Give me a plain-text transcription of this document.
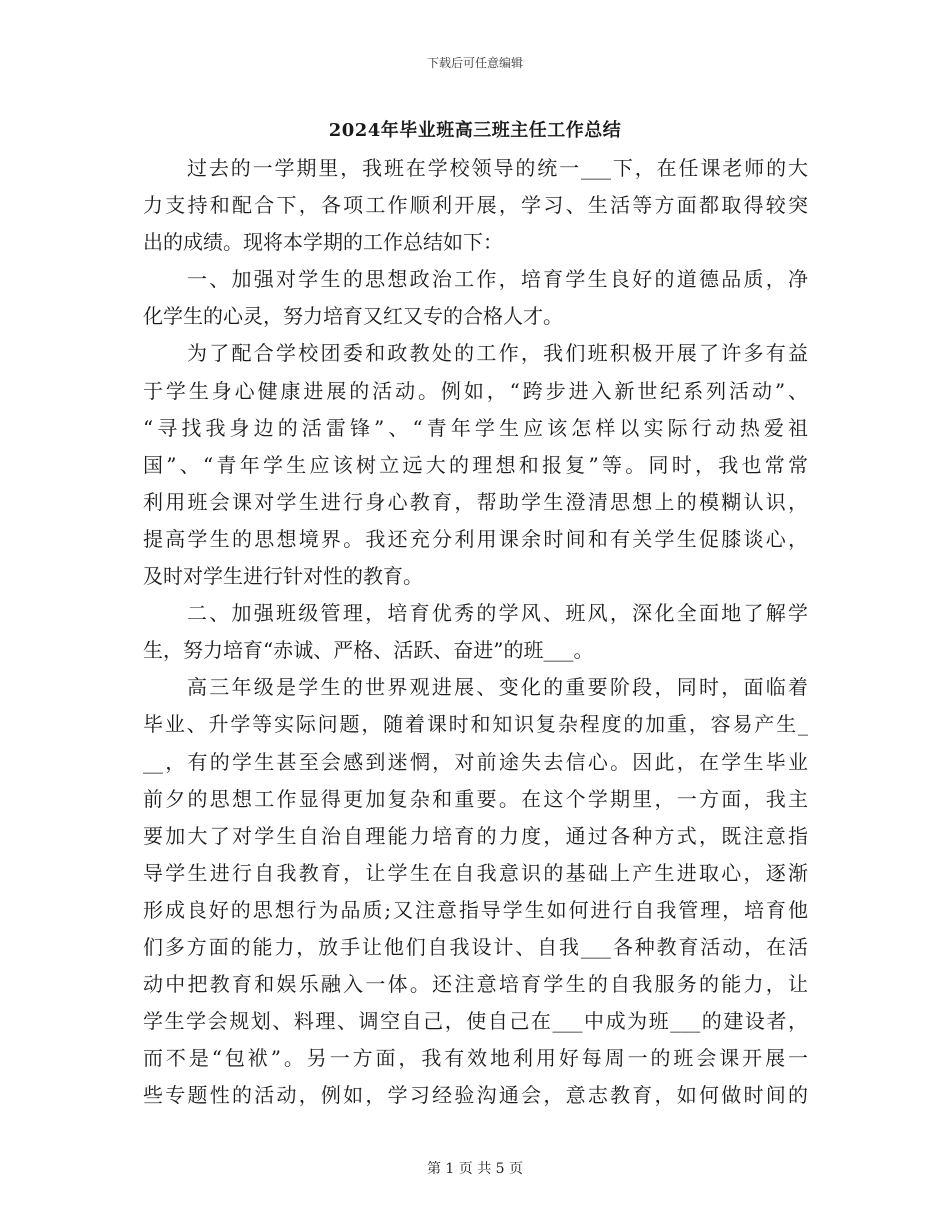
下载后可任意编辑
2024年毕业班高三班主任工作总结
过去的一学期里，我班在学校领导的统一___下，在任课老师的大
力支持和配合下，各项工作顺利开展，学习、生活等方面都取得较突
出的成绩。现将本学期的工作总结如下：
一、加强对学生的思想政治工作，培育学生良好的道德品质，净
化学生的心灵，努力培育又红又专的合格人才。
为了配合学校团委和政教处的工作，我们班积极开展了许多有益
于学生身心健康进展的活动。例如，“跨步进入新世纪系列活动”、
“寻找我身边的活雷锋”、“青年学生应该怎样以实际行动热爱祖
国”、“青年学生应该树立远大的理想和报复”等。同时，我也常常
利用班会课对学生进行身心教育，帮助学生澄清思想上的模糊认识，
提高学生的思想境界。我还充分利用课余时间和有关学生促膝谈心，
及时对学生进行针对性的教育。
二、加强班级管理，培育优秀的学风、班风，深化全面地了解学
生，努力培育“赤诚、严格、活跃、奋进”的班___。
高三年级是学生的世界观进展、变化的重要阶段，同时，面临着
毕业、升学等实际问题，随着课时和知识复杂程度的加重，容易产生_
__，有的学生甚至会感到迷惘，对前途失去信心。因此，在学生毕业
前夕的思想工作显得更加复杂和重要。在这个学期里，一方面，我主
要加大了对学生自治自理能力培育的力度，通过各种方式，既注意指
导学生进行自我教育，让学生在自我意识的基础上产生进取心，逐渐
形成良好的思想行为品质;又注意指导学生如何进行自我管理，培育他
们多方面的能力，放手让他们自我设计、自我___各种教育活动，在活
动中把教育和娱乐融入一体。还注意培育学生的自我服务的能力，让
学生学会规划、料理、调空自己，使自己在___中成为班___的建设者，
而不是“包袱”。另一方面，我有效地利用好每周一的班会课开展一
些专题性的活动，例如，学习经验沟通会，意志教育，如何做时间的
第 1 页 共 5 页
